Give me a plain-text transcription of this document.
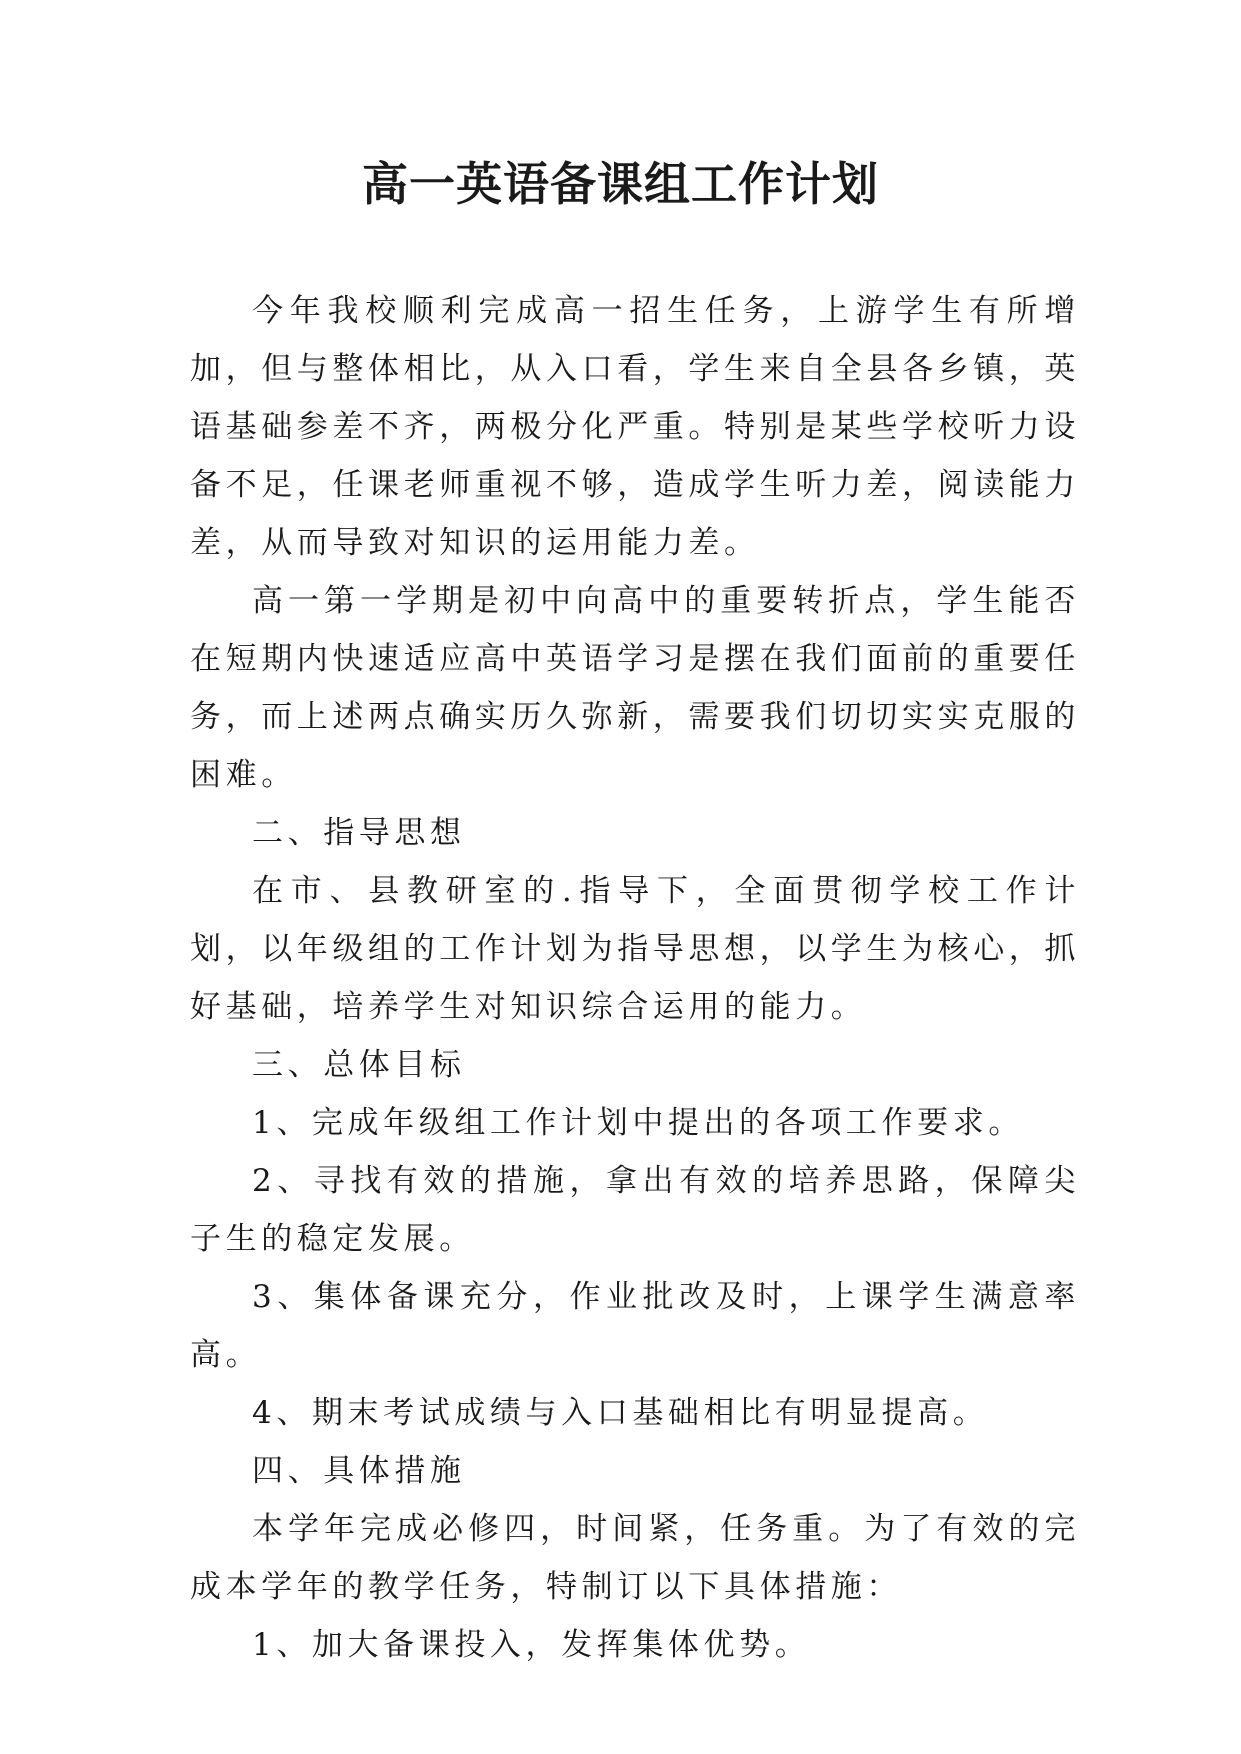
高一英语备课组工作计划

今年我校顺利完成高一招生任务，上游学生有所增加，但与整体相比，从入口看，学生来自全县各乡镇，英语基础参差不齐，两极分化严重。特别是某些学校听力设备不足，任课老师重视不够，造成学生听力差，阅读能力差，从而导致对知识的运用能力差。

高一第一学期是初中向高中的重要转折点，学生能否在短期内快速适应高中英语学习是摆在我们面前的重要任务，而上述两点确实历久弥新，需要我们切切实实克服的困难。

二、指导思想

在市、县教研室的.指导下，全面贯彻学校工作计划，以年级组的工作计划为指导思想，以学生为核心，抓好基础，培养学生对知识综合运用的能力。

三、总体目标

1、完成年级组工作计划中提出的各项工作要求。

2、寻找有效的措施，拿出有效的培养思路，保障尖子生的稳定发展。

3、集体备课充分，作业批改及时，上课学生满意率高。

4、期末考试成绩与入口基础相比有明显提高。

四、具体措施

本学年完成必修四，时间紧，任务重。为了有效的完成本学年的教学任务，特制订以下具体措施：

1、加大备课投入，发挥集体优势。
